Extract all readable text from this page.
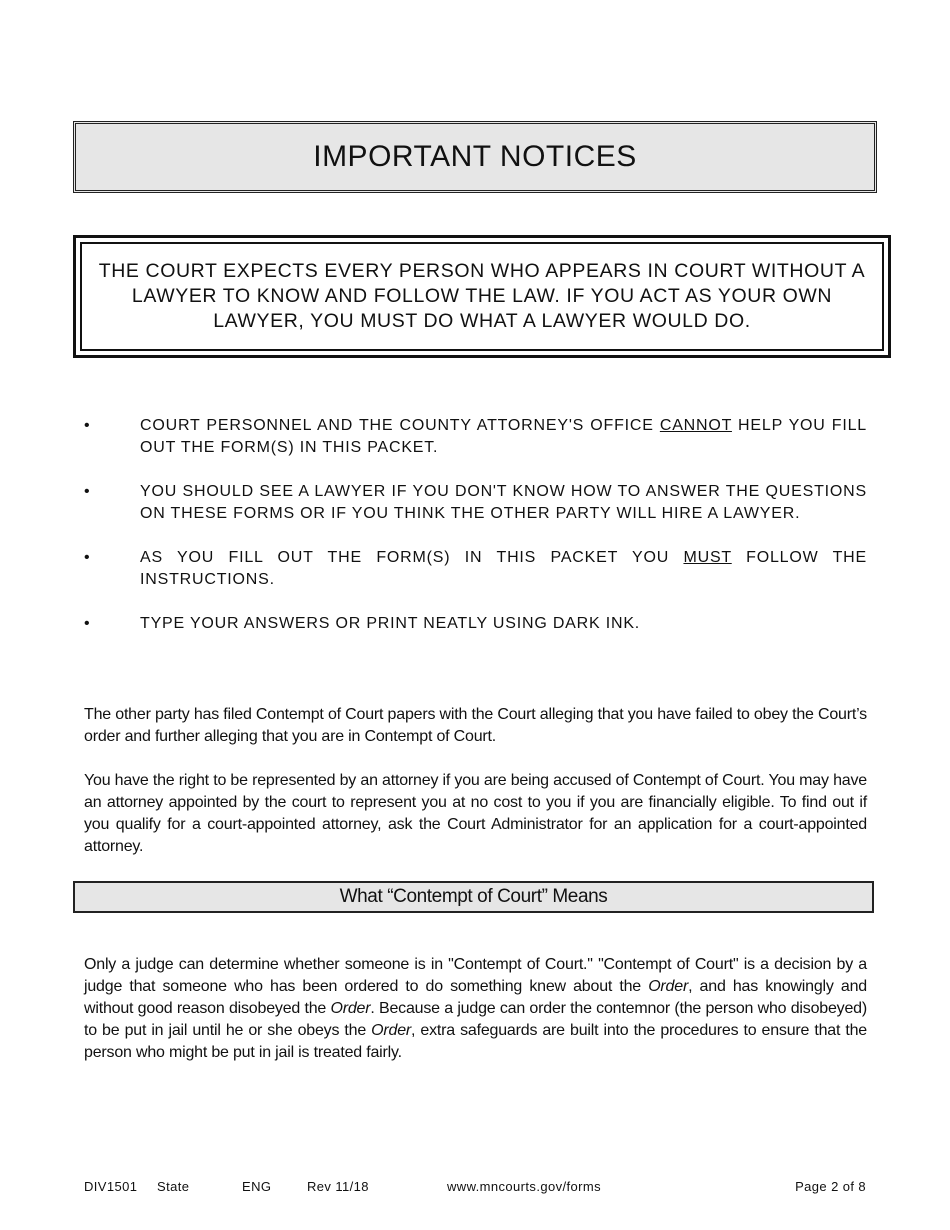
IMPORTANT NOTICES
THE COURT EXPECTS EVERY PERSON WHO APPEARS IN COURT WITHOUT A LAWYER TO KNOW AND FOLLOW THE LAW. IF YOU ACT AS YOUR OWN LAWYER, YOU MUST DO WHAT A LAWYER WOULD DO.
•	COURT PERSONNEL AND THE COUNTY ATTORNEY'S OFFICE CANNOT HELP YOU FILL OUT THE FORM(S) IN THIS PACKET.
•	YOU SHOULD SEE A LAWYER IF YOU DON'T KNOW HOW TO ANSWER THE QUESTIONS ON THESE FORMS OR IF YOU THINK THE OTHER PARTY WILL HIRE A LAWYER.
•	AS YOU FILL OUT THE FORM(S) IN THIS PACKET YOU MUST FOLLOW THE INSTRUCTIONS.
•	TYPE YOUR ANSWERS OR PRINT NEATLY USING DARK INK.
The other party has filed Contempt of Court papers with the Court alleging that you have failed to obey the Court’s order and further alleging that you are in Contempt of Court.
You have the right to be represented by an attorney if you are being accused of Contempt of Court. You may have an attorney appointed by the court to represent you at no cost to you if you are financially eligible. To find out if you qualify for a court-appointed attorney, ask the Court Administrator for an application for a court-appointed attorney.
What “Contempt of Court” Means
Only a judge can determine whether someone is in "Contempt of Court." "Contempt of Court" is a decision by a judge that someone who has been ordered to do something knew about the Order, and has knowingly and without good reason disobeyed the Order. Because a judge can order the contemnor (the person who disobeyed) to be put in jail until he or she obeys the Order, extra safeguards are built into the procedures to ensure that the person who might be put in jail is treated fairly.
DIV1501 State	ENG	Rev 11/18	www.mncourts.gov/forms	Page 2 of 8
